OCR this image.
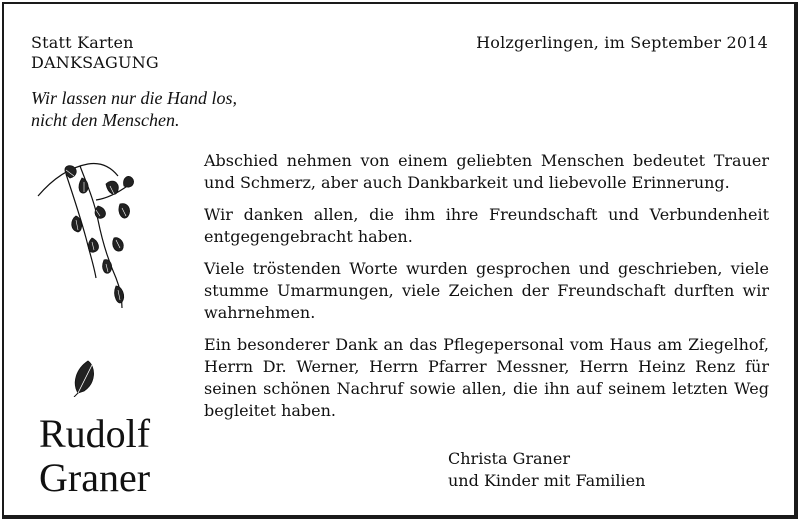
Statt Karten
DANKSAGUNG
Holzgerlingen, im September 2014
Wir lassen nur die Hand los,
nicht den Menschen.

Abschied nehmen von einem geliebten Menschen bedeutet Trauer und Schmerz, aber auch Dankbarkeit und liebevolle Erinnerung.

Wir danken allen, die ihm ihre Freundschaft und Verbundenheit entgegengebracht haben.

Viele tröstenden Worte wurden gesprochen und geschrieben, viele stumme Umarmungen, viele Zeichen der Freundschaft durften wir wahrnehmen.

Ein besonderer Dank an das Pflegepersonal vom Haus am Ziegelhof, Herrn Dr. Werner, Herrn Pfarrer Messner, Herrn Heinz Renz für seinen schönen Nachruf sowie allen, die ihn auf seinem letzten Weg begleitet haben.

Rudolf
Graner	Christa Graner
und Kinder mit Familien
